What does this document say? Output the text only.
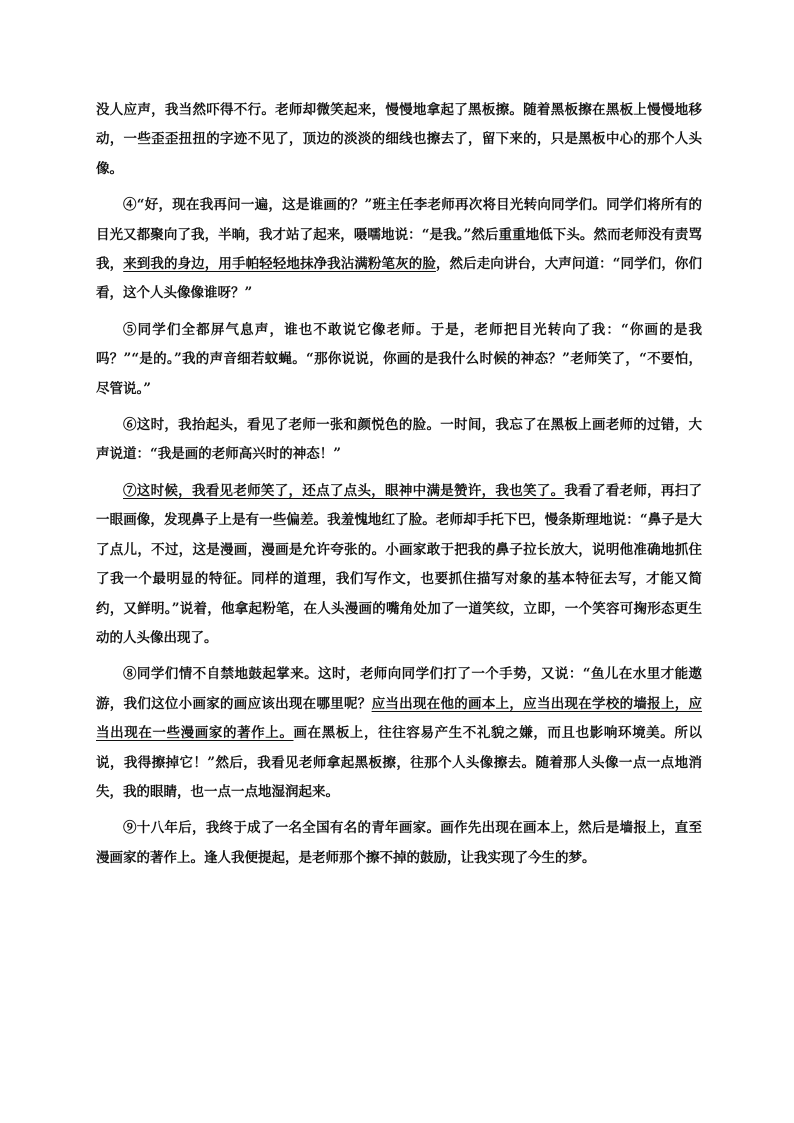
没人应声，我当然吓得不行。老师却微笑起来，慢慢地拿起了黑板擦。随着黑板擦在黑板上慢慢地移动，一些歪歪扭扭的字迹不见了，顶边的淡淡的细线也擦去了，留下来的，只是黑板中心的那个人头像。

④“好，现在我再问一遍，这是谁画的？”班主任李老师再次将目光转向同学们。同学们将所有的目光又都聚向了我，半晌，我才站了起来，嗫嚅地说：“是我。”然后重重地低下头。然而老师没有责骂我，来到我的身边，用手帕轻轻地抹净我沾满粉笔灰的脸，然后走向讲台，大声问道：“同学们，你们看，这个人头像像谁呀？”

⑤同学们全都屏气息声，谁也不敢说它像老师。于是，老师把目光转向了我：“你画的是我吗？”“是的。”我的声音细若蚊蝇。“那你说说，你画的是我什么时候的神态？”老师笑了，“不要怕，尽管说。”

⑥这时，我抬起头，看见了老师一张和颜悦色的脸。一时间，我忘了在黑板上画老师的过错，大声说道：“我是画的老师高兴时的神态！”

⑦这时候，我看见老师笑了，还点了点头，眼神中满是赞许，我也笑了。我看了看老师，再扫了一眼画像，发现鼻子上是有一些偏差。我羞愧地红了脸。老师却手托下巴，慢条斯理地说：“鼻子是大了点儿，不过，这是漫画，漫画是允许夸张的。小画家敢于把我的鼻子拉长放大，说明他准确地抓住了我一个最明显的特征。同样的道理，我们写作文，也要抓住描写对象的基本特征去写，才能又简约，又鲜明。”说着，他拿起粉笔，在人头漫画的嘴角处加了一道笑纹，立即，一个笑容可掬形态更生动的人头像出现了。

⑧同学们情不自禁地鼓起掌来。这时，老师向同学们打了一个手势，又说：“鱼儿在水里才能遨游，我们这位小画家的画应该出现在哪里呢？应当出现在他的画本上，应当出现在学校的墙报上，应当出现在一些漫画家的著作上。画在黑板上，往往容易产生不礼貌之嫌，而且也影响环境美。所以说，我得擦掉它！”然后，我看见老师拿起黑板擦，往那个人头像擦去。随着那人头像一点一点地消失，我的眼睛，也一点一点地湿润起来。

⑨十八年后，我终于成了一名全国有名的青年画家。画作先出现在画本上，然后是墙报上，直至漫画家的著作上。逢人我便提起，是老师那个擦不掉的鼓励，让我实现了今生的梦。
